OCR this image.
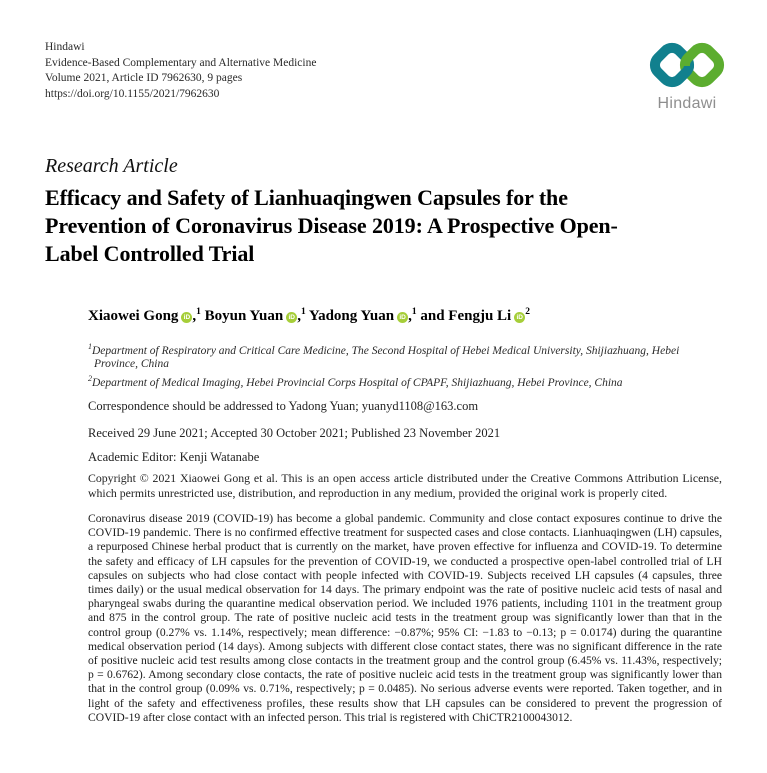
Hindawi
Evidence-Based Complementary and Alternative Medicine
Volume 2021, Article ID 7962630, 9 pages
https://doi.org/10.1155/2021/7962630
Hindawi
Research Article
Efficacy and Safety of Lianhuaqingwen Capsules for the Prevention of Coronavirus Disease 2019: A Prospective Open-Label Controlled Trial

Xiaowei Gong iD ,$^1$ Boyun Yuan iD ,$^1$ Yadong Yuan iD ,$^1$ and Fengju Li $iD^2$

$^1$Department of Respiratory and Critical Care Medicine, The Second Hospital of Hebei Medical University, Shijiazhuang, Hebei Province, China

$^2$Department of Medical Imaging, Hebei Provincial Corps Hospital of CPAPF, Shijiazhuang, Hebei Province, China

Correspondence should be addressed to Yadong Yuan; yuanyd1108@163.com
Received 29 June 2021; Accepted 30 October 2021; Published 23 November 2021
Academic Editor: Kenji Watanabe
Copyright © 2021 Xiaowei Gong et al. This is an open access article distributed under the Creative Commons Attribution License, which permits unrestricted use, distribution, and reproduction in any medium, provided the original work is properly cited.
Coronavirus disease 2019 (COVID-19) has become a global pandemic. Community and close contact exposures continue to drive the COVID-19 pandemic. There is no confirmed effective treatment for suspected cases and close contacts. Lianhuaqingwen (LH) capsules, a repurposed Chinese herbal product that is currently on the market, have proven effective for influenza and COVID-19. To determine the safety and efficacy of LH capsules for the prevention of COVID-19, we conducted a prospective open-label controlled trial of LH capsules on subjects who had close contact with people infected with COVID-19. Subjects received LH capsules (4 capsules, three times daily) or the usual medical observation for 14 days. The primary endpoint was the rate of positive nucleic acid tests of nasal and pharyngeal swabs during the quarantine medical observation period. We included 1976 patients, including 1101 in the treatment group and 875 in the control group. The rate of positive nucleic acid tests in the treatment group was significantly lower than that in the control group (0.27% vs. 1.14%, respectively; mean difference: −0.87%; 95% CI: −1.83 to −0.13; p = 0.0174) during the quarantine medical observation period (14 days). Among subjects with different close contact states, there was no significant difference in the rate of positive nucleic acid test results among close contacts in the treatment group and the control group (6.45% vs. 11.43%, respectively; p = 0.6762). Among secondary close contacts, the rate of positive nucleic acid tests in the treatment group was significantly lower than that in the control group (0.09% vs. 0.71%, respectively; p = 0.0485). No serious adverse events were reported. Taken together, and in light of the safety and effectiveness profiles, these results show that LH capsules can be considered to prevent the progression of COVID-19 after close contact with an infected person. This trial is registered with ChiCTR2100043012.
